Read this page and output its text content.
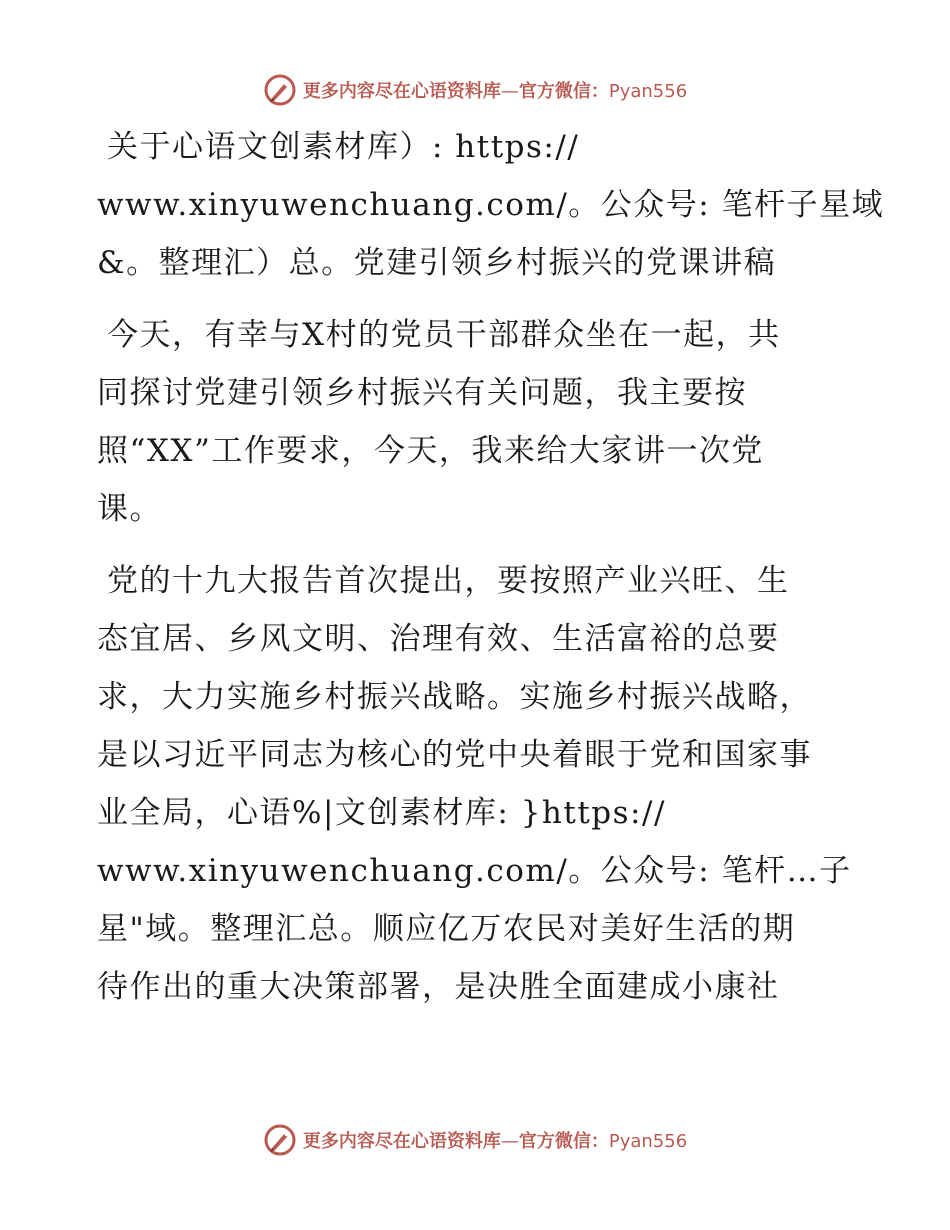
更多内容尽在心语资料库—官方微信：Pyan556
关于心语文创素材库）: https://
www.xinyuwenchuang.com/。公众号: 笔杆子星域
&。整理汇）总。党建引领乡村振兴的党课讲稿
今天，有幸与X村的党员干部群众坐在一起，共
同探讨党建引领乡村振兴有关问题，我主要按
照“XX”工作要求，今天，我来给大家讲一次党
课。
党的十九大报告首次提出，要按照产业兴旺、生
态宜居、乡风文明、治理有效、生活富裕的总要
求，大力实施乡村振兴战略。实施乡村振兴战略，
是以习近平同志为核心的党中央着眼于党和国家事
业全局，心语%|文创素材库: }https://
www.xinyuwenchuang.com/。公众号: 笔杆…子
星"域。整理汇总。顺应亿万农民对美好生活的期
待作出的重大决策部署，是决胜全面建成小康社
更多内容尽在心语资料库—官方微信：Pyan556
